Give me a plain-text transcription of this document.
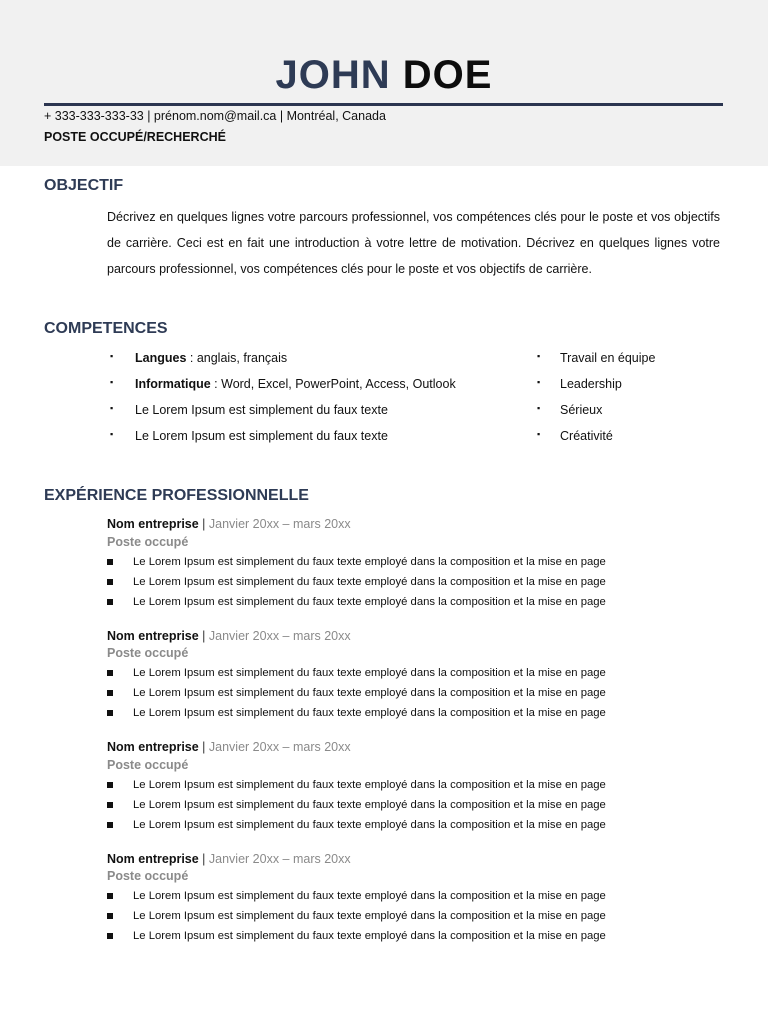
JOHN DOE
+ 333-333-333-33 | prénom.nom@mail.ca | Montréal, Canada
POSTE OCCUPÉ/RECHERCHÉ
OBJECTIF
Décrivez en quelques lignes votre parcours professionnel, vos compétences clés pour le poste et vos objectifs de carrière. Ceci est en fait une introduction à votre lettre de motivation. Décrivez en quelques lignes votre parcours professionnel, vos compétences clés pour le poste et vos objectifs de carrière.
COMPETENCES
▪ Langues : anglais, français
▪ Informatique : Word, Excel, PowerPoint, Access, Outlook
▪ Le Lorem Ipsum est simplement du faux texte
▪ Le Lorem Ipsum est simplement du faux texte
▪ Travail en équipe
▪ Leadership
▪ Sérieux
▪ Créativité
EXPÉRIENCE PROFESSIONNELLE
Nom entreprise | Janvier 20xx – mars 20xx
Poste occupé
Le Lorem Ipsum est simplement du faux texte employé dans la composition et la mise en page
Le Lorem Ipsum est simplement du faux texte employé dans la composition et la mise en page
Le Lorem Ipsum est simplement du faux texte employé dans la composition et la mise en page
Nom entreprise | Janvier 20xx – mars 20xx
Poste occupé
Le Lorem Ipsum est simplement du faux texte employé dans la composition et la mise en page
Le Lorem Ipsum est simplement du faux texte employé dans la composition et la mise en page
Le Lorem Ipsum est simplement du faux texte employé dans la composition et la mise en page
Nom entreprise | Janvier 20xx – mars 20xx
Poste occupé
Le Lorem Ipsum est simplement du faux texte employé dans la composition et la mise en page
Le Lorem Ipsum est simplement du faux texte employé dans la composition et la mise en page
Le Lorem Ipsum est simplement du faux texte employé dans la composition et la mise en page
Nom entreprise | Janvier 20xx – mars 20xx
Poste occupé
Le Lorem Ipsum est simplement du faux texte employé dans la composition et la mise en page
Le Lorem Ipsum est simplement du faux texte employé dans la composition et la mise en page
Le Lorem Ipsum est simplement du faux texte employé dans la composition et la mise en page
